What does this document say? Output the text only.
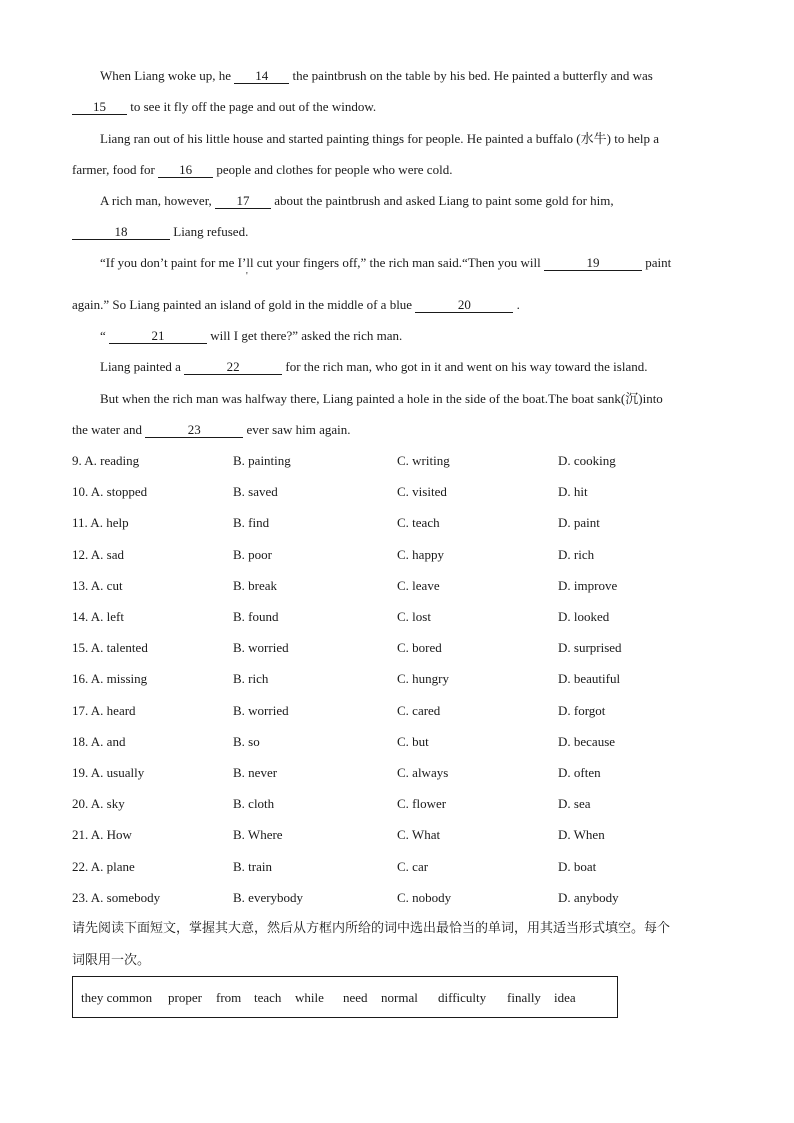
When Liang woke up, he 14 the paintbrush on the table by his bed. He painted a butterfly and was
15 to see it fly off the page and out of the window.
Liang ran out of his little house and started painting things for people. He painted a buffalo (水牛) to help a
farmer, food for 16 people and clothes for people who were cold.
A rich man, however, 17 about the paintbrush and asked Liang to paint some gold for him,
18	Liang refused.
“If you don’t paint for me I’ll cut your fingers off,” the rich man said.“Then you will	19	paint
'
again.” So Liang painted an island of gold in the middle of a blue	20	.
“	21	will I get there?” asked the rich man.
Liang painted a	22	for the rich man, who got in it and went on his way toward the island.
But when the rich man was halfway there, Liang painted a hole in the side of the boat.The boat sank(沉)into
the water and	23	ever saw him again.
9. A. reading	B. painting	C. writing	D. cooking
10. A. stopped	B. saved	C. visited	D. hit
11. A. help	B. find	C. teach	D. paint
12. A. sad	B. poor	C. happy	D. rich
13. A. cut	B. break	C. leave	D. improve
14. A. left	B. found	C. lost	D. looked
15. A. talented	B. worried	C. bored	D. surprised
16. A. missing	B. rich	C. hungry	D. beautiful
17. A. heard	B. worried	C. cared	D. forgot
18. A. and	B. so	C. but	D. because
19. A. usually	B. never	C. always	D. often
20. A. sky	B. cloth	C. flower	D. sea
21. A. How	B. Where	C. What	D. When
22. A. plane	B. train	C. car	D. boat
23. A. somebody	B. everybody	C. nobody	D. anybody
请先阅读下面短文，掌握其大意，然后从方框内所给的词中选出最恰当的单词，用其适当形式填空。每个
词限用一次。
they common proper from teach while need normal difficulty finally idea
